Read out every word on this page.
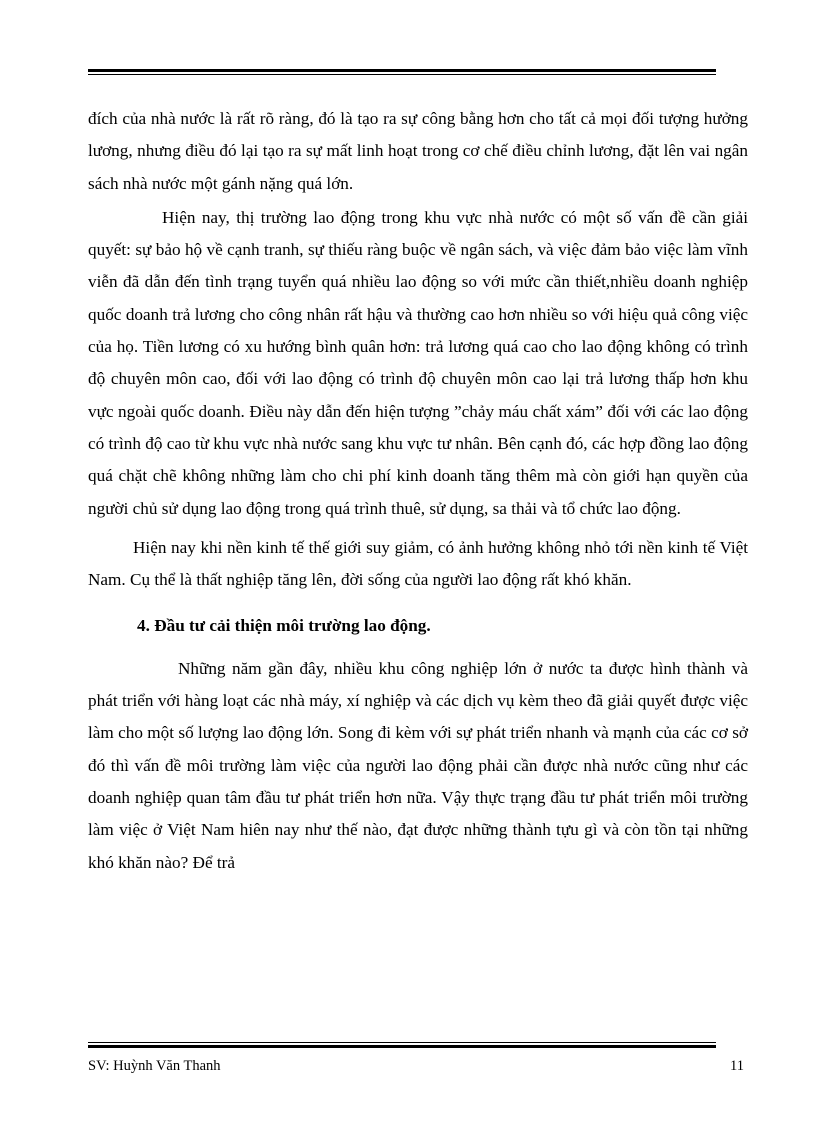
đích của nhà nước là rất rõ ràng, đó là tạo ra sự công bằng hơn cho tất cả mọi đối tượng hưởng lương, nhưng điều đó lại tạo ra sự mất linh hoạt trong cơ chế điều chỉnh lương, đặt lên vai ngân sách nhà nước một gánh nặng quá lớn.

Hiện nay, thị trường lao động trong khu vực nhà nước có một số vấn đề cần giải quyết: sự bảo hộ về cạnh tranh, sự thiếu ràng buộc về ngân sách, và việc đảm bảo việc làm vĩnh viễn đã dẫn đến tình trạng tuyển quá nhiều lao động so với mức cần thiết,nhiều doanh nghiệp quốc doanh trả lương cho công nhân rất hậu và thường cao hơn nhiều so với hiệu quả công việc của họ. Tiền lương có xu hướng bình quân hơn: trả lương quá cao cho lao động không có trình độ chuyên môn cao, đối với lao động có trình độ chuyên môn cao lại trả lương thấp hơn khu vực ngoài quốc doanh. Điều này dẫn đến hiện tượng ”chảy máu chất xám” đối với các lao động có trình độ cao từ khu vực nhà nước sang khu vực tư nhân. Bên cạnh đó, các hợp đồng lao động quá chặt chẽ không những làm cho chi phí kinh doanh tăng thêm mà còn giới hạn quyền của người chủ sử dụng lao động trong quá trình thuê, sử dụng, sa thải và tổ chức lao động.

Hiện nay khi nền kinh tế thế giới suy giảm, có ảnh hưởng không nhỏ tới nền kinh tế Việt Nam. Cụ thể là thất nghiệp tăng lên, đời sống của người lao động rất khó khăn.

4. Đầu tư cải thiện môi trường lao động.

Những năm gần đây, nhiều khu công nghiệp lớn ở nước ta được hình thành và phát triển với hàng loạt các nhà máy, xí nghiệp và các dịch vụ kèm theo đã giải quyết được việc làm cho một số lượng lao động lớn. Song đi kèm với sự phát triển nhanh và mạnh của các cơ sở đó thì vấn đề môi trường làm việc của người lao động phải cần được nhà nước cũng như các doanh nghiệp quan tâm đầu tư phát triển hơn nữa. Vậy thực trạng đầu tư phát triển môi trường làm việc ở Việt Nam hiên nay như thế nào, đạt được những thành tựu gì và còn tồn tại những khó khăn nào? Để trả

SV: Huỳnh Văn Thanh	11
